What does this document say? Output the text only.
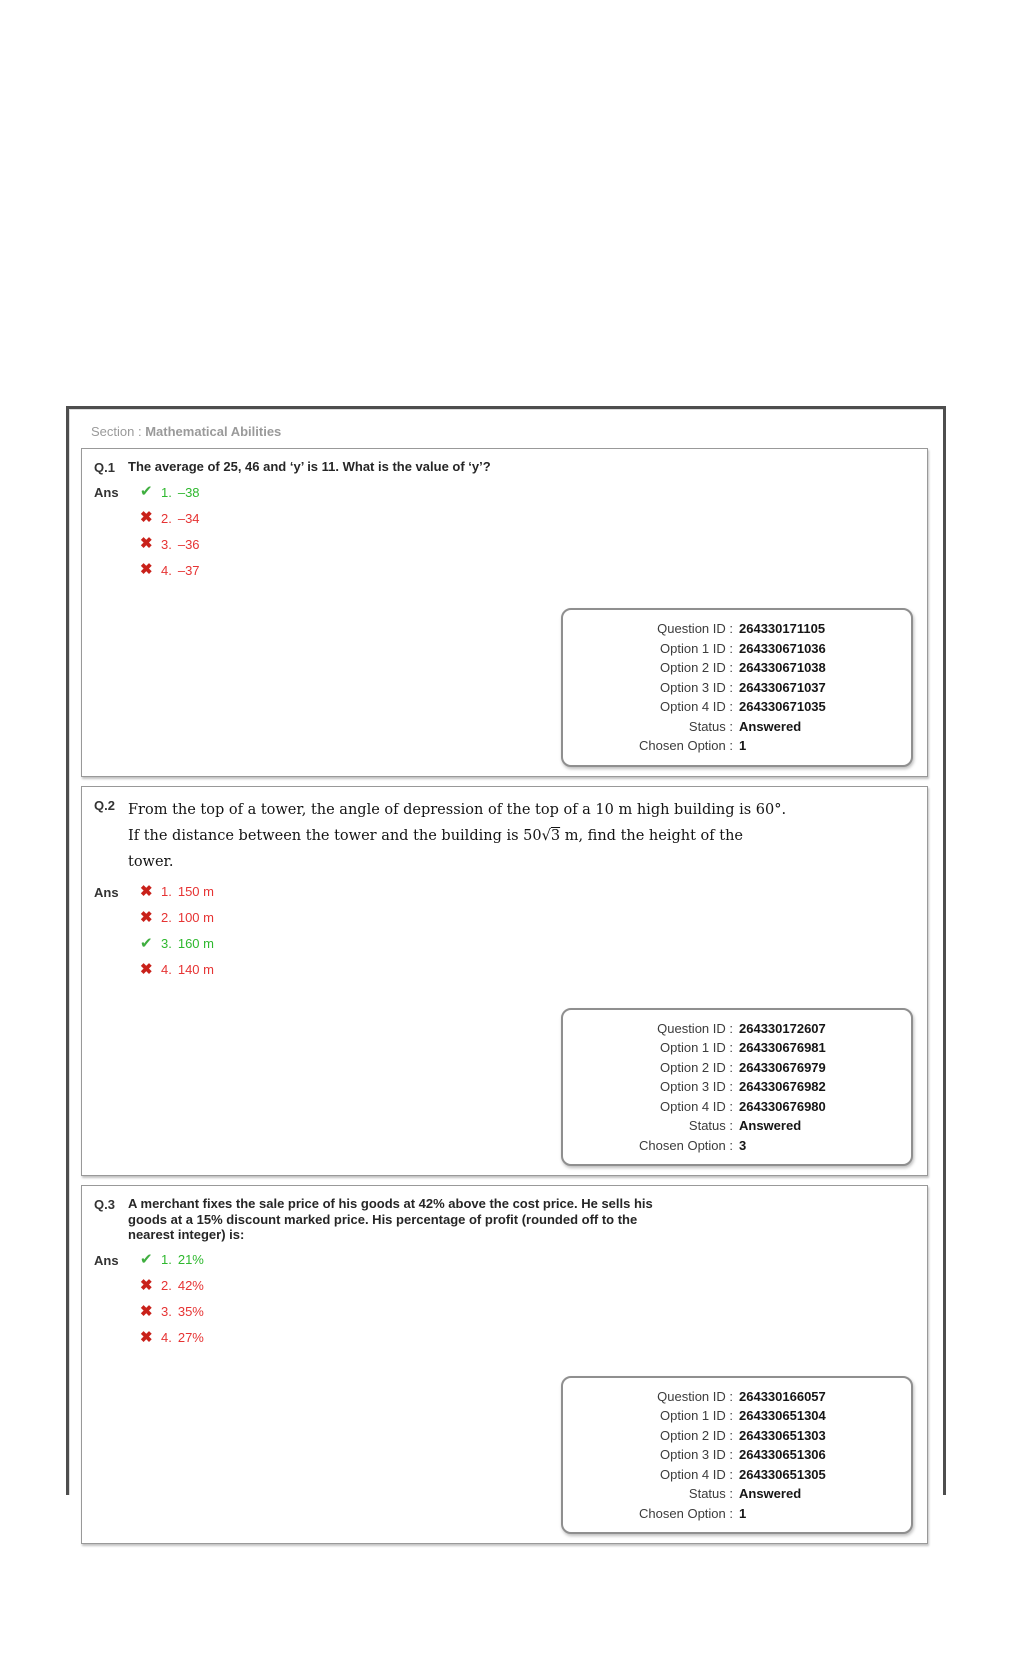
Section : Mathematical Abilities
Q.1	The average of 25, 46 and ‘y’ is 11. What is the value of ‘y’?
Ans	✔ 1. –38
✖ 2. –34
✖ 3. –36
✖ 4. –37
Question ID : 264330171105
Option 1 ID : 264330671036
Option 2 ID : 264330671038
Option 3 ID : 264330671037
Option 4 ID : 264330671035
Status : Answered
Chosen Option : 1
Q.2 From the top of a tower, the angle of depression of the top of a 10 m high building is 60°.
If the distance between the tower and the building is 50√3 m, find the height of the
tower.
Ans	✖ 1. 150 m
✖ 2. 100 m
✔ 3. 160 m
✖ 4. 140 m
Question ID : 264330172607
Option 1 ID : 264330676981
Option 2 ID : 264330676979
Option 3 ID : 264330676982
Option 4 ID : 264330676980
Status : Answered
Chosen Option : 3
Q.3	A merchant fixes the sale price of his goods at 42% above the cost price. He sells his
goods at a 15% discount marked price. His percentage of profit (rounded off to the
nearest integer) is:
Ans	✔ 1. 21%
✖ 2. 42%
✖ 3. 35%
✖ 4. 27%
Question ID : 264330166057
Option 1 ID : 264330651304
Option 2 ID : 264330651303
Option 3 ID : 264330651306
Option 4 ID : 264330651305
Status : Answered
Chosen Option : 1
